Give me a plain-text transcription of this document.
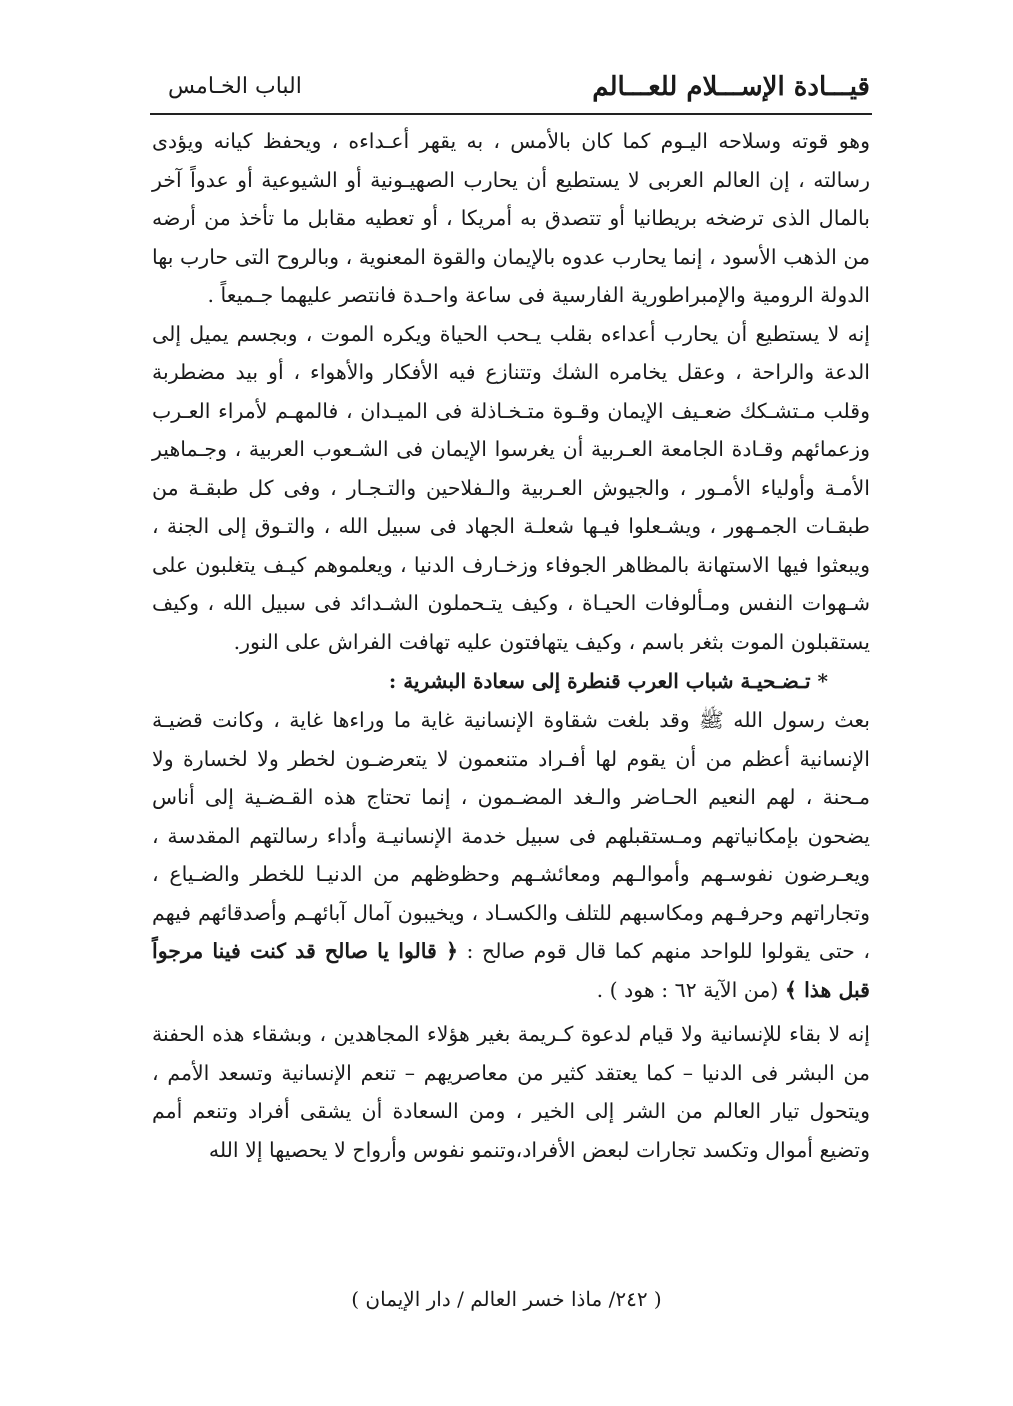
قيـــادة الإســـلام للعـــالم
الباب الخـامس

وهو قوته وسلاحه اليـوم كما كان بالأمس ، به يقهر أعـداءه ، ويحفظ كيانه ويؤدى رسالته ، إن العالم العربى لا يستطيع أن يحارب الصهيـونية أو الشيوعية أو عدواً آخر بالمال الذى ترضخه بريطانيا أو تتصدق به أمريكا ، أو تعطيه مقابل ما تأخذ من أرضه من الذهب الأسود ، إنما يحارب عدوه بالإيمان والقوة المعنوية ، وبالروح التى حارب بها الدولة الرومية والإمبراطورية الفارسية فى ساعة واحـدة فانتصر عليهما جـميعاً .

إنه لا يستطيع أن يحارب أعداءه بقلب يـحب الحياة ويكره الموت ، وبجسم يميل إلى الدعة والراحة ، وعقل يخامره الشك وتتنازع فيه الأفكار والأهواء ، أو بيد مضطربة وقلب مـتشـكك ضعـيف الإيمان وقـوة متـخـاذلة فى الميـدان ، فالمهـم لأمراء العـرب وزعمائهم وقـادة الجامعة العـربية أن يغرسوا الإيمان فى الشـعوب العربية ، وجـماهير الأمـة وأولياء الأمـور ، والجيوش العـربية والـفلاحين والتـجـار ، وفى كل طبقـة من طبقـات الجمـهور ، ويشـعلوا فيـها شعلـة الجهاد فى سبيل الله ، والتـوق إلى الجنة ، ويبعثوا فيها الاستهانة بالمظاهر الجوفاء وزخـارف الدنيا ، ويعلموهم كيـف يتغلبون على شـهوات النفس ومـألوفات الحيـاة ، وكيف يتـحملون الشـدائد فى سبيل الله ، وكيف يستقبلون الموت بثغر باسم ، وكيف يتهافتون عليه تهافت الفراش على النور.

* تـضـحيـة شباب العرب قنطرة إلى سعادة البشرية :

بعث رسول الله ﷺ وقد بلغت شقاوة الإنسانية غاية ما وراءها غاية ، وكانت قضيـة الإنسانية أعظم من أن يقوم لها أفـراد متنعمون لا يتعرضـون لخطر ولا لخسارة ولا مـحنة ، لهم النعيم الحـاضر والـغد المضـمون ، إنما تحتاج هذه القـضـية إلى أناس يضحون بإمكانياتهم ومـستقبلهم فى سبيل خدمة الإنسانيـة وأداء رسالتهم المقدسة ، ويعـرضون نفوسـهم وأموالـهم ومعائشـهم وحظوظهم من الدنيـا للخطر والضـياع ، وتجاراتهم وحرفـهم ومكاسبهم للتلف والكسـاد ، ويخيبون آمال آبائهـم وأصدقائهم فيهم ، حتى يقولوا للواحد منهم كما قال قوم صالح : ﴿ قالوا يا صالح قد كنت فينا مرجواً قبل هذا ﴾ (من الآية ٦٢ : هود ) .

إنه لا بقاء للإنسانية ولا قيام لدعوة كـريمة بغير هؤلاء المجاهدين ، وبشقاء هذه الحفنة من البشر فى الدنيا – كما يعتقد كثير من معاصريهم – تنعم الإنسانية وتسعد الأمم ، ويتحول تيار العالم من الشر إلى الخير ، ومن السعادة أن يشقى أفراد وتنعم أمم وتضيع أموال وتكسد تجارات لبعض الأفراد،وتنمو نفوس وأرواح لا يحصيها إلا الله

( ٢٤٢/ ماذا خسر العالم / دار الإيمان )
